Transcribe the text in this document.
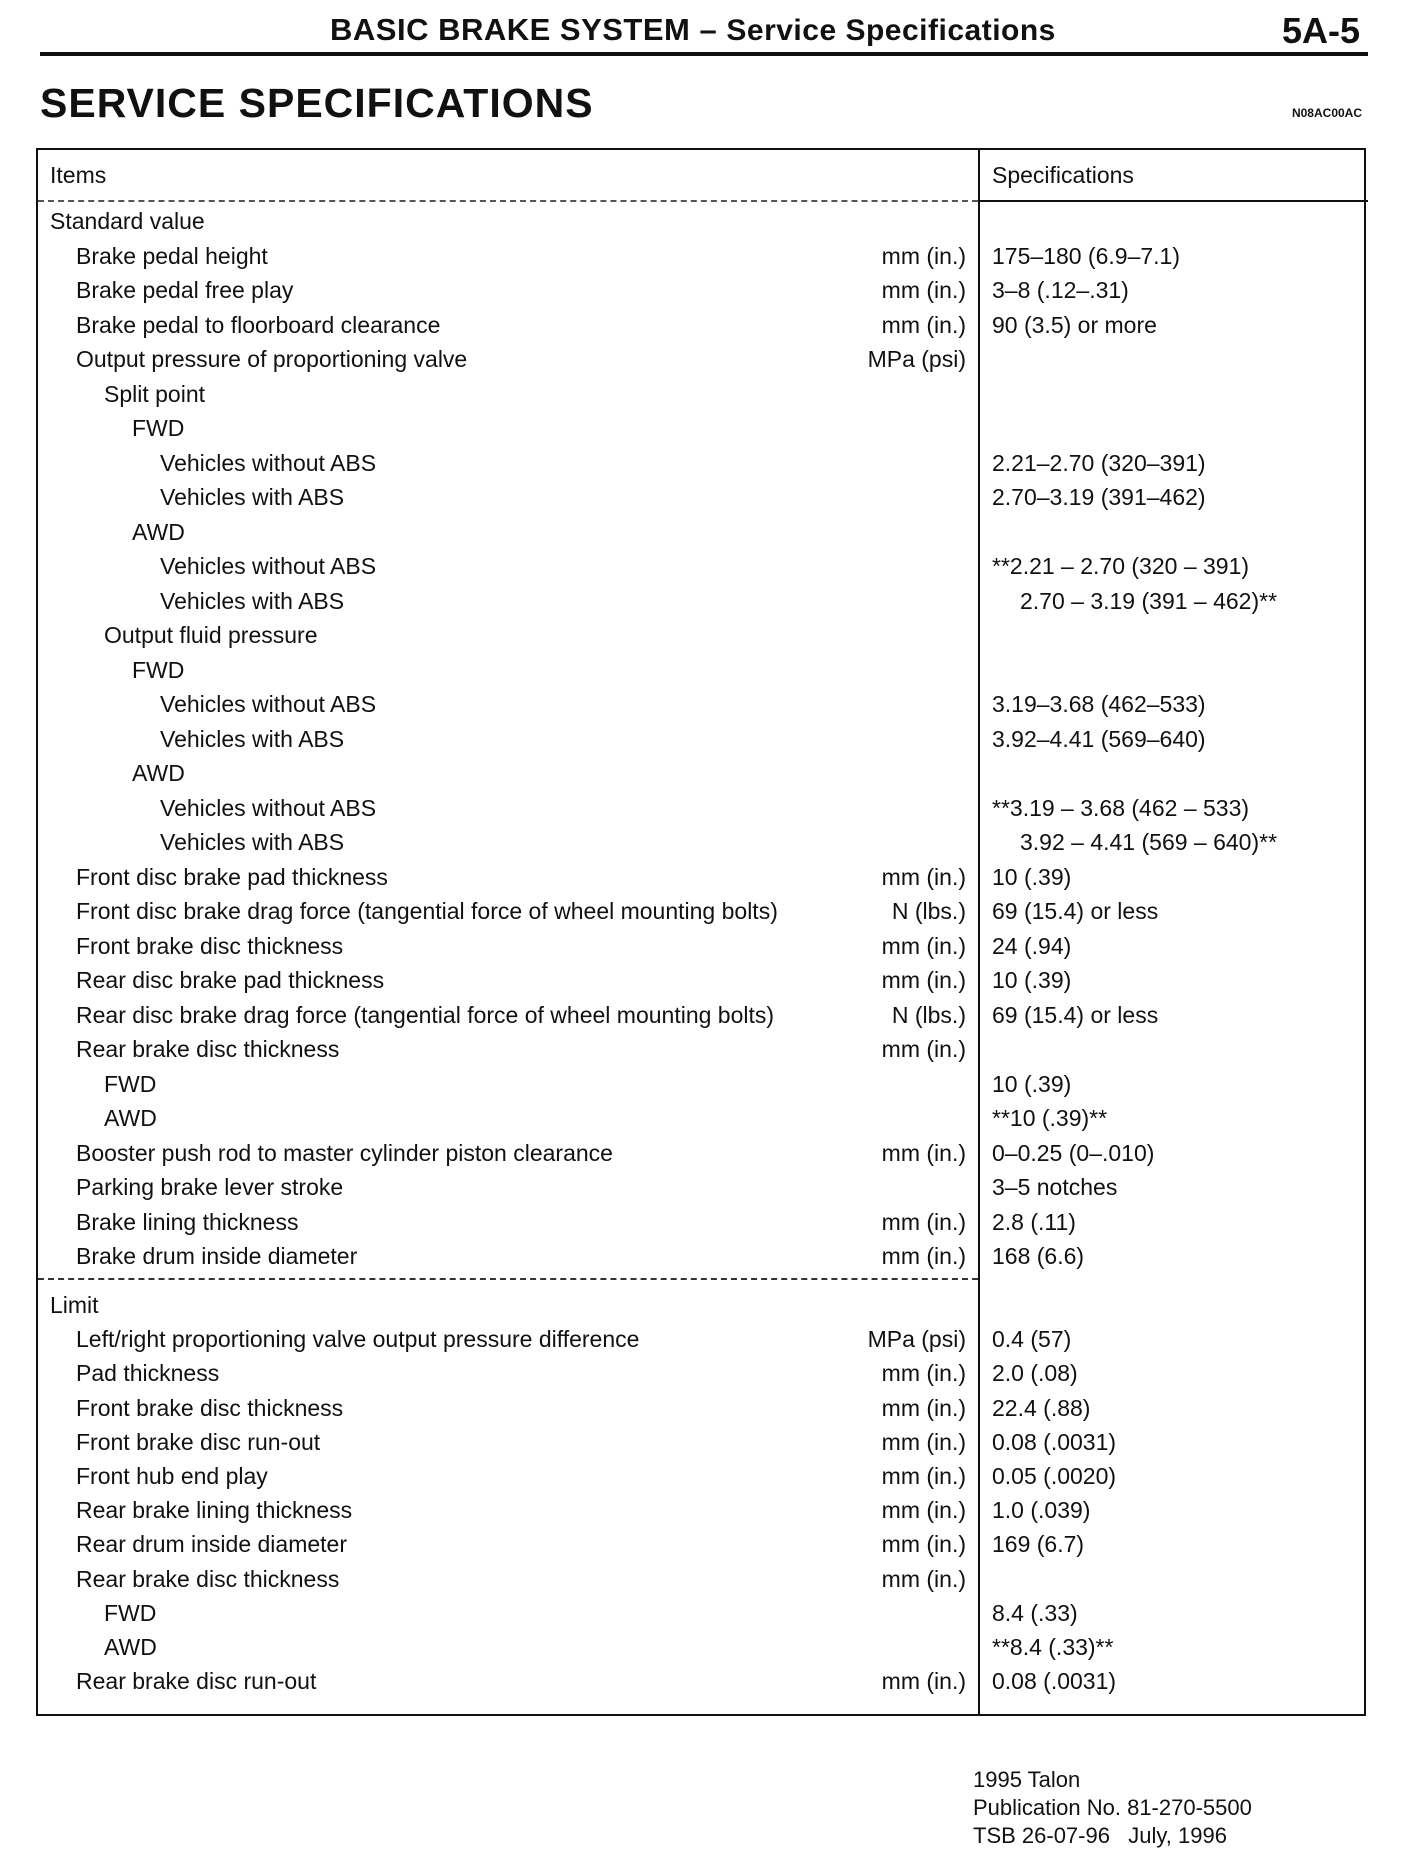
BASIC BRAKE SYSTEM – Service Specifications	5A-5
SERVICE SPECIFICATIONS	N08AC00AC
Items	Specifications
Standard value
Brake pedal height	mm (in.) 175–180 (6.9–7.1)
Brake pedal free play	mm (in.) 3–8 (.12–.31)
Brake pedal to floorboard clearance	mm (in.) 90 (3.5) or more
Output pressure of proportioning valve	MPa (psi)
Split point
FWD
Vehicles without ABS	2.21–2.70 (320–391)
Vehicles with ABS	2.70–3.19 (391–462)
AWD
Vehicles without ABS	**2.21 – 2.70 (320 – 391)
Vehicles with ABS	2.70 – 3.19 (391 – 462)**
Output fluid pressure
FWD
Vehicles without ABS	3.19–3.68 (462–533)
Vehicles with ABS	3.92–4.41 (569–640)
AWD
Vehicles without ABS	**3.19 – 3.68 (462 – 533)
Vehicles with ABS	3.92 – 4.41 (569 – 640)**
Front disc brake pad thickness	mm (in.) 10 (.39)
Front disc brake drag force (tangential force of wheel mounting bolts)	N (lbs.) 69 (15.4) or less
Front brake disc thickness	mm (in.) 24 (.94)
Rear disc brake pad thickness	mm (in.) 10 (.39)
Rear disc brake drag force (tangential force of wheel mounting bolts)	N (lbs.) 69 (15.4) or less
Rear brake disc thickness	mm (in.)
FWD	10 (.39)
AWD	**10 (.39)**
Booster push rod to master cylinder piston clearance	mm (in.) 0–0.25 (0–.010)
Parking brake lever stroke	3–5 notches
Brake lining thickness	mm (in.) 2.8 (.11)
Brake drum inside diameter	mm (in.) 168 (6.6)
Limit
Left/right proportioning valve output pressure difference	MPa (psi) 0.4 (57)
Pad thickness	mm (in.) 2.0 (.08)
Front brake disc thickness	mm (in.) 22.4 (.88)
Front brake disc run-out	mm (in.) 0.08 (.0031)
Front hub end play	mm (in.) 0.05 (.0020)
Rear brake lining thickness	mm (in.) 1.0 (.039)
Rear drum inside diameter	mm (in.) 169 (6.7)
Rear brake disc thickness	mm (in.)
FWD	8.4 (.33)
AWD	**8.4 (.33)**
Rear brake disc run-out	mm (in.) 0.08 (.0031)
1995 Talon
Publication No. 81-270-5500
TSB 26-07-96   July, 1996
